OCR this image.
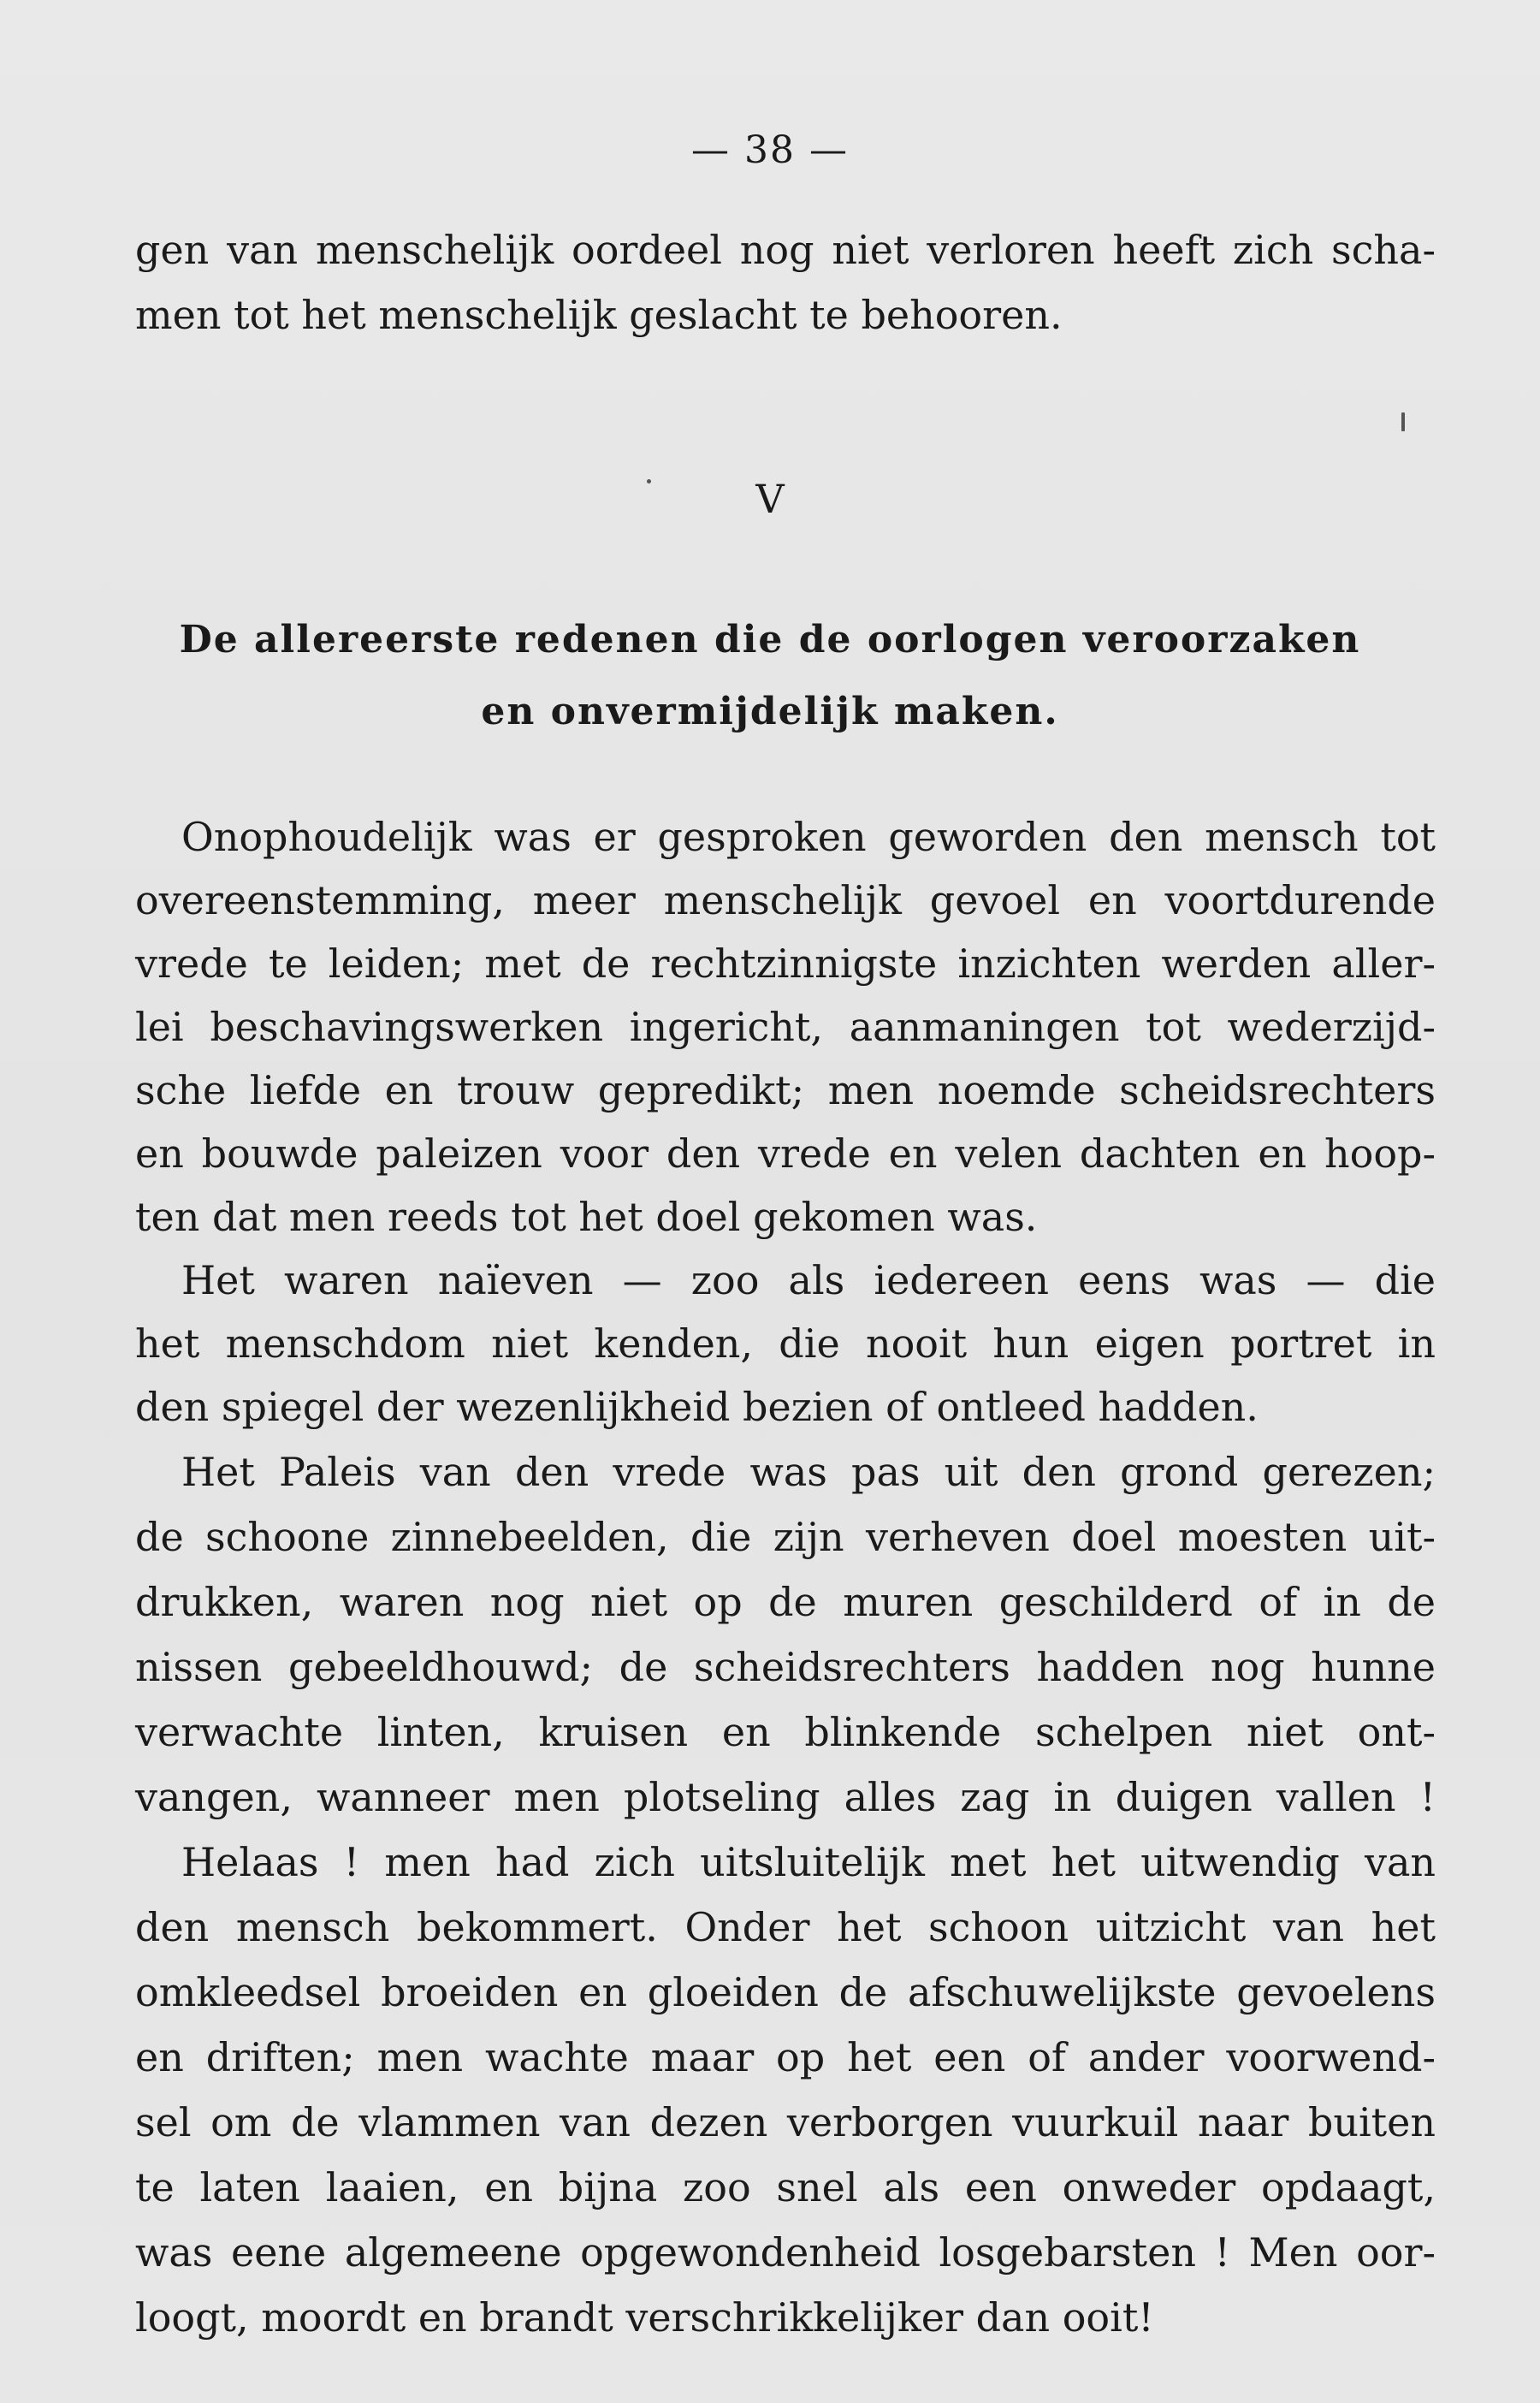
— 38 —
gen van menschelijk oordeel nog niet verloren heeft zich scha-
men tot het menschelijk geslacht te behooren.
V
De allereerste redenen die de oorlogen veroorzaken
en onvermijdelijk maken.
Onophoudelijk was er gesproken geworden den mensch tot
overeenstemming, meer menschelijk gevoel en voortdurende
vrede te leiden; met de rechtzinnigste inzichten werden aller-
lei beschavingswerken ingericht, aanmaningen tot wederzijd-
sche liefde en trouw gepredikt; men noemde scheidsrechters
en bouwde paleizen voor den vrede en velen dachten en hoop-
ten dat men reeds tot het doel gekomen was.
Het waren naïeven — zoo als iedereen eens was — die
het menschdom niet kenden, die nooit hun eigen portret in
den spiegel der wezenlijkheid bezien of ontleed hadden.
Het Paleis van den vrede was pas uit den grond gerezen;
de schoone zinnebeelden, die zijn verheven doel moesten uit-
drukken, waren nog niet op de muren geschilderd of in de
nissen gebeeldhouwd; de scheidsrechters hadden nog hunne
verwachte linten, kruisen en blinkende schelpen niet ont-
vangen, wanneer men plotseling alles zag in duigen vallen !
Helaas ! men had zich uitsluitelijk met het uitwendig van
den mensch bekommert. Onder het schoon uitzicht van het
omkleedsel broeiden en gloeiden de afschuwelijkste gevoelens
en driften; men wachte maar op het een of ander voorwend-
sel om de vlammen van dezen verborgen vuurkuil naar buiten
te laten laaien, en bijna zoo snel als een onweder opdaagt,
was eene algemeene opgewondenheid losgebarsten ! Men oor-
loogt, moordt en brandt verschrikkelijker dan ooit!
